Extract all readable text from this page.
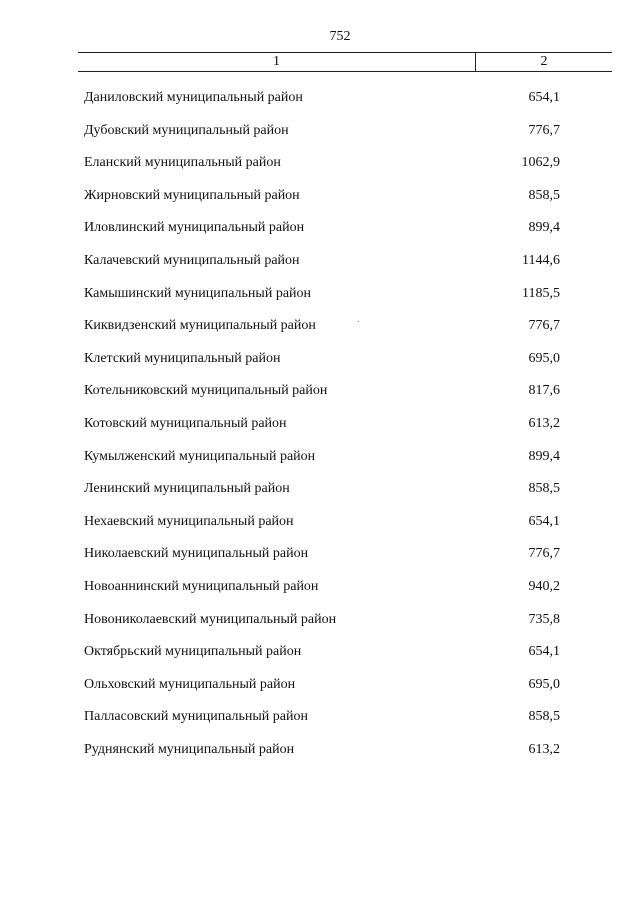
752
1	2
Даниловский муниципальный район	654,1
Дубовский муниципальный район	776,7
Еланский муниципальный район	1062,9
Жирновский муниципальный район	858,5
Иловлинский муниципальный район	899,4
Калачевский муниципальный район	1144,6
Камышинский муниципальный район	1185,5
Киквидзенский муниципальный район	776,7
Клетский муниципальный район	695,0
Котельниковский муниципальный район	817,6
Котовский муниципальный район	613,2
Кумылженский муниципальный район	899,4
Ленинский муниципальный район	858,5
Нехаевский муниципальный район	654,1
Николаевский муниципальный район	776,7
Новоаннинский муниципальный район	940,2
Новониколаевский муниципальный район	735,8
Октябрьский муниципальный район	654,1
Ольховский муниципальный район	695,0
Палласовский муниципальный район	858,5
Руднянский муниципальный район	613,2
